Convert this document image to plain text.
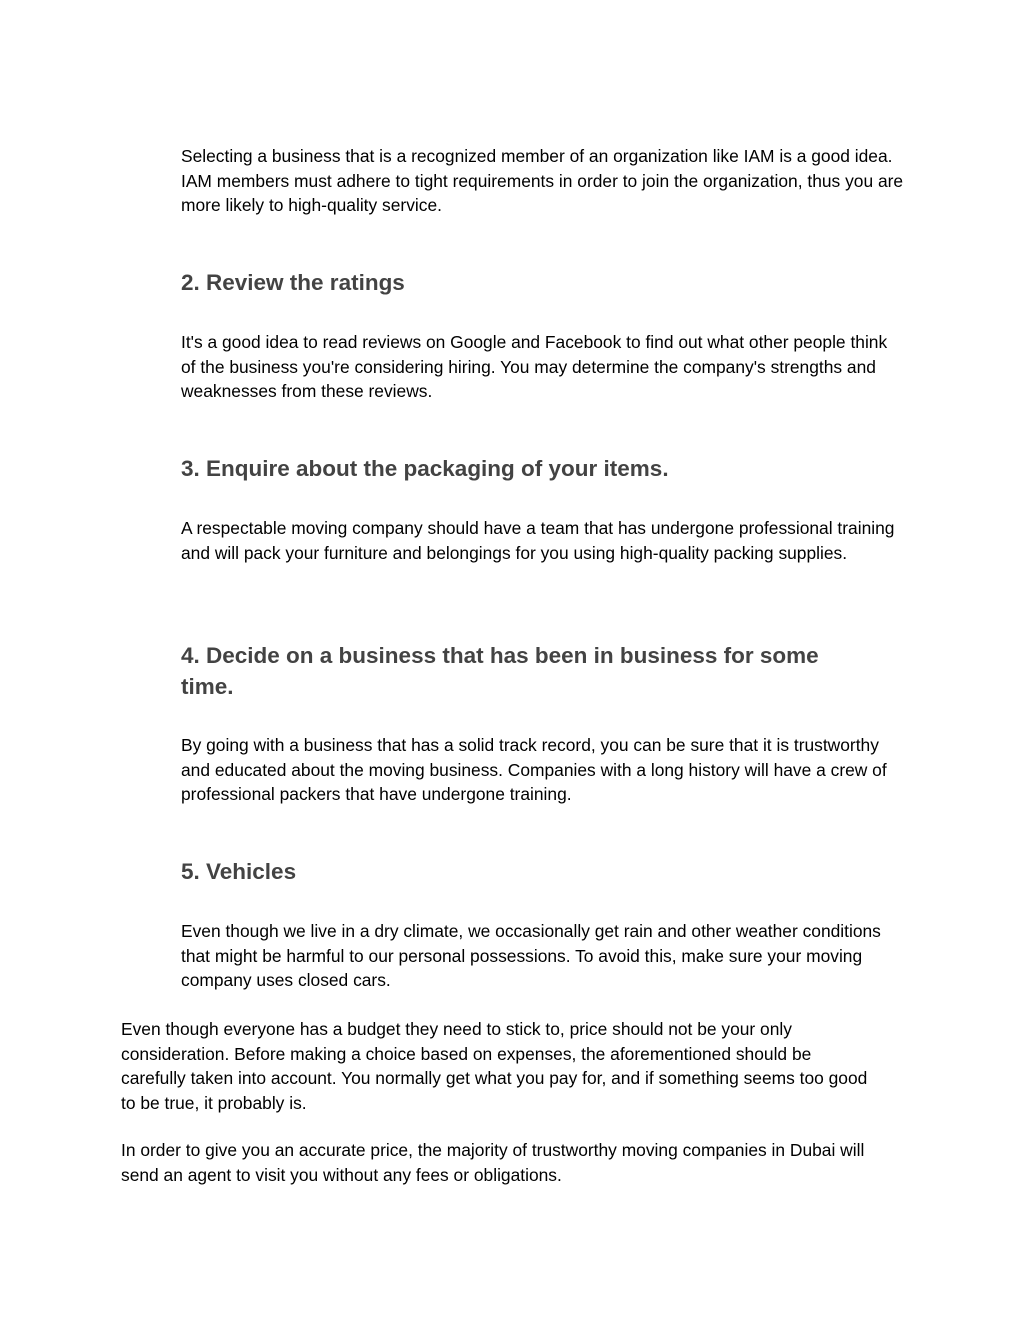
Selecting a business that is a recognized member of an organization like IAM is a good idea. IAM members must adhere to tight requirements in order to join the organization, thus you are more likely to high-quality service.

2. Review the ratings

It's a good idea to read reviews on Google and Facebook to find out what other people think of the business you're considering hiring. You may determine the company's strengths and weaknesses from these reviews.

3. Enquire about the packaging of your items.

A respectable moving company should have a team that has undergone professional training and will pack your furniture and belongings for you using high-quality packing supplies.

4. Decide on a business that has been in business for some time.

By going with a business that has a solid track record, you can be sure that it is trustworthy and educated about the moving business. Companies with a long history will have a crew of professional packers that have undergone training.

5. Vehicles

Even though we live in a dry climate, we occasionally get rain and other weather conditions that might be harmful to our personal possessions. To avoid this, make sure your moving company uses closed cars.

Even though everyone has a budget they need to stick to, price should not be your only consideration. Before making a choice based on expenses, the aforementioned should be carefully taken into account. You normally get what you pay for, and if something seems too good to be true, it probably is.

In order to give you an accurate price, the majority of trustworthy moving companies in Dubai will send an agent to visit you without any fees or obligations.
